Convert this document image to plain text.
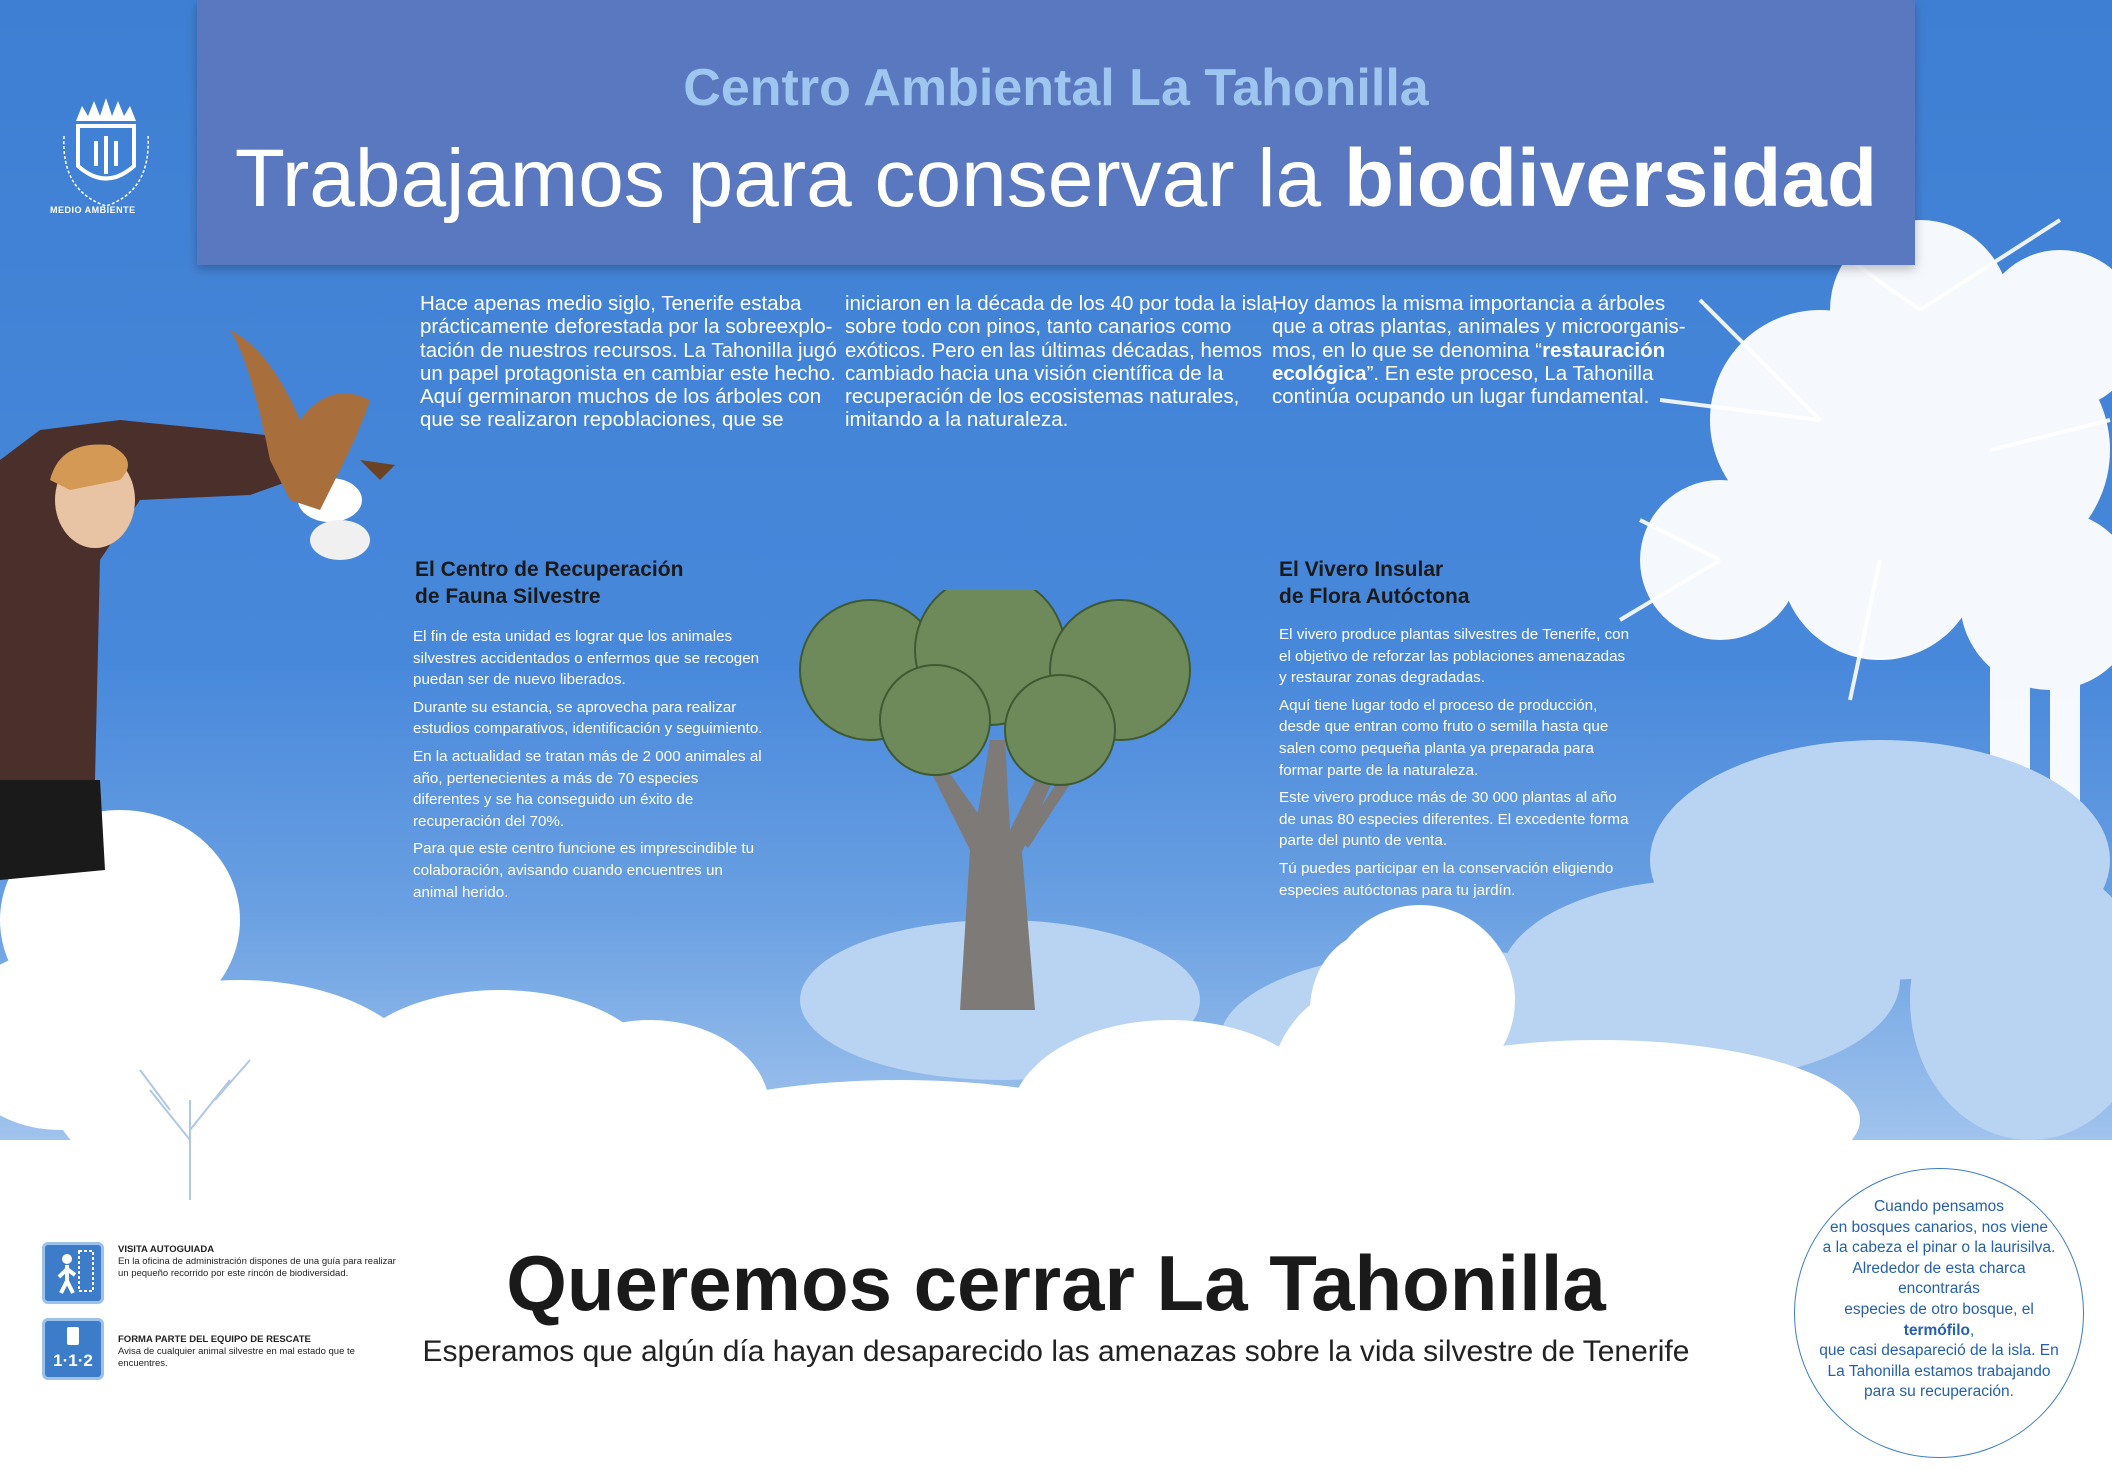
Centro Ambiental La Tahonilla
Trabajamos para conservar la biodiversidad
MEDIO AMBIENTE
Hace apenas medio siglo, Tenerife estaba
prácticamente deforestada por la sobreexplo-
tación de nuestros recursos. La Tahonilla jugó
un papel protagonista en cambiar este hecho.
Aquí germinaron muchos de los árboles con
que se realizaron repoblaciones, que se
iniciaron en la década de los 40 por toda la isla,
sobre todo con pinos, tanto canarios como
exóticos. Pero en las últimas décadas, hemos
cambiado hacia una visión científica de la
recuperación de los ecosistemas naturales,
imitando a la naturaleza.
Hoy damos la misma importancia a árboles
que a otras plantas, animales y microorganis-
mos, en lo que se denomina “restauración
ecológica”. En este proceso, La Tahonilla
continúa ocupando un lugar fundamental.
El Centro de Recuperación
de Fauna Silvestre

El fin de esta unidad es lograr que los animales silvestres accidentados o enfermos que se recogen puedan ser de nuevo liberados.

Durante su estancia, se aprovecha para realizar estudios comparativos, identificación y seguimiento.

En la actualidad se tratan más de 2 000 animales al año, pertenecientes a más de 70 especies diferentes y se ha conseguido un éxito de recuperación del 70%.

Para que este centro funcione es imprescindible tu colaboración, avisando cuando encuentres un animal herido.

El Vivero Insular
de Flora Autóctona

El vivero produce plantas silvestres de Tenerife, con el objetivo de reforzar las poblaciones amenazadas y restaurar zonas degradadas.

Aquí tiene lugar todo el proceso de producción, desde que entran como fruto o semilla hasta que salen como pequeña planta ya preparada para formar parte de la naturaleza.

Este vivero produce más de 30 000 plantas al año de unas 80 especies diferentes. El excedente forma parte del punto de venta.

Tú puedes participar en la conservación eligiendo especies autóctonas para tu jardín.

Queremos cerrar La Tahonilla
Esperamos que algún día hayan desaparecido las amenazas sobre la vida silvestre de Tenerife
Cuando pensamos
en bosques canarios, nos viene
a la cabeza el pinar o la laurisilva.
Alrededor de esta charca encontrarás
especies de otro bosque, el termófilo,
que casi desapareció de la isla. En
La Tahonilla estamos trabajando
para su recuperación.
VISITA AUTOGUIADA
En la oficina de administración dispones de una guía para realizar un pequeño recorrido por este rincón de biodiversidad.
1·1·2
FORMA PARTE DEL EQUIPO DE RESCATE
Avisa de cualquier animal silvestre en mal estado que te encuentres.
